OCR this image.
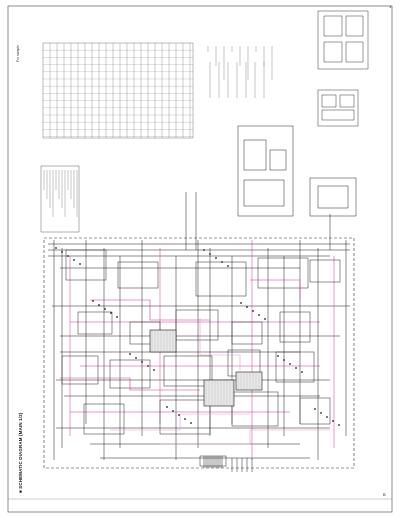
■ SCHEMATIC DIAGRAM (MAIN 1/2)
For sample
1
B
